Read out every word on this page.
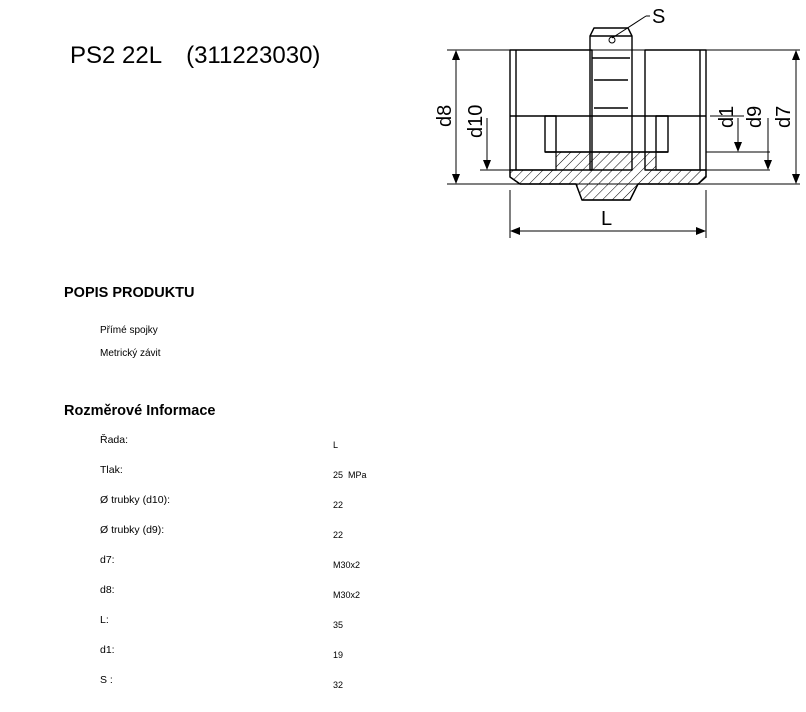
PS2 22L (311223030)
S
L
d8 d10	d1 d9 d7
POPIS PRODUKTU
Přímé spojky
Metrický závit
Rozměrové Informace
Řada:	L
Tlak:	25  MPa
Ø trubky (d10):	22
Ø trubky (d9):	22
d7:	M30x2
d8:	M30x2
L:	35
d1:	19
S :	32
